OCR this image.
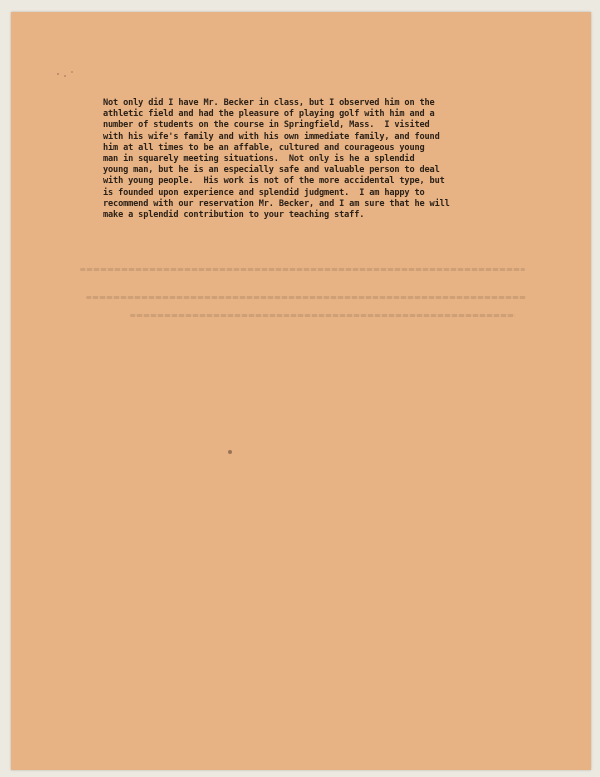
Not only did I have Mr. Becker in class, but I observed him on the
athletic field and had the pleasure of playing golf with him and a
number of students on the course in Springfield, Mass.  I visited
with his wife's family and with his own immediate family, and found
him at all times to be an affable, cultured and courageous young
man in squarely meeting situations.  Not only is he a splendid
young man, but he is an especially safe and valuable person to deal
with young people.  His work is not of the more accidental type, but
is founded upon experience and splendid judgment.  I am happy to
recommend with our reservation Mr. Becker, and I am sure that he will
make a splendid contribution to your teaching staff.
